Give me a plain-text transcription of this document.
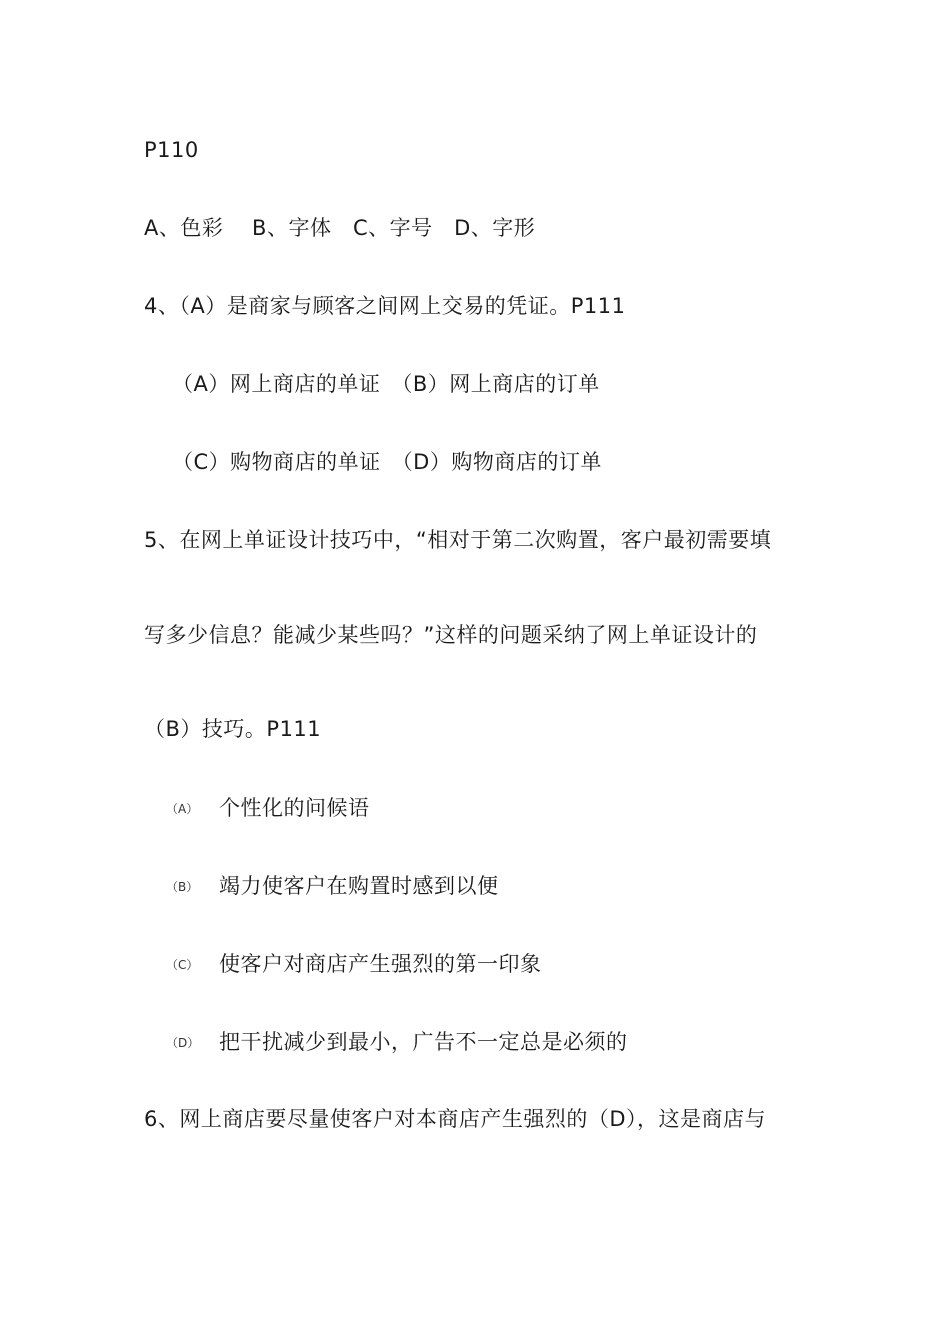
P110
A、色彩　 B、字体　C、字号　D、字形
4、（A）是商家与顾客之间网上交易的凭证。P111
（A）网上商店的单证　（B）网上商店的订单
（C）购物商店的单证　（D）购物商店的订单
5、在网上单证设计技巧中，“相对于第二次购置，客户最初需要填
写多少信息？能减少某些吗？”这样的问题采纳了网上单证设计的
（B）技巧。P111
（A） 个性化的问候语
（B） 竭力使客户在购置时感到以便
（C） 使客户对商店产生强烈的第一印象
（D） 把干扰减少到最小，广告不一定总是必须的
6、网上商店要尽量使客户对本商店产生强烈的（D），这是商店与
